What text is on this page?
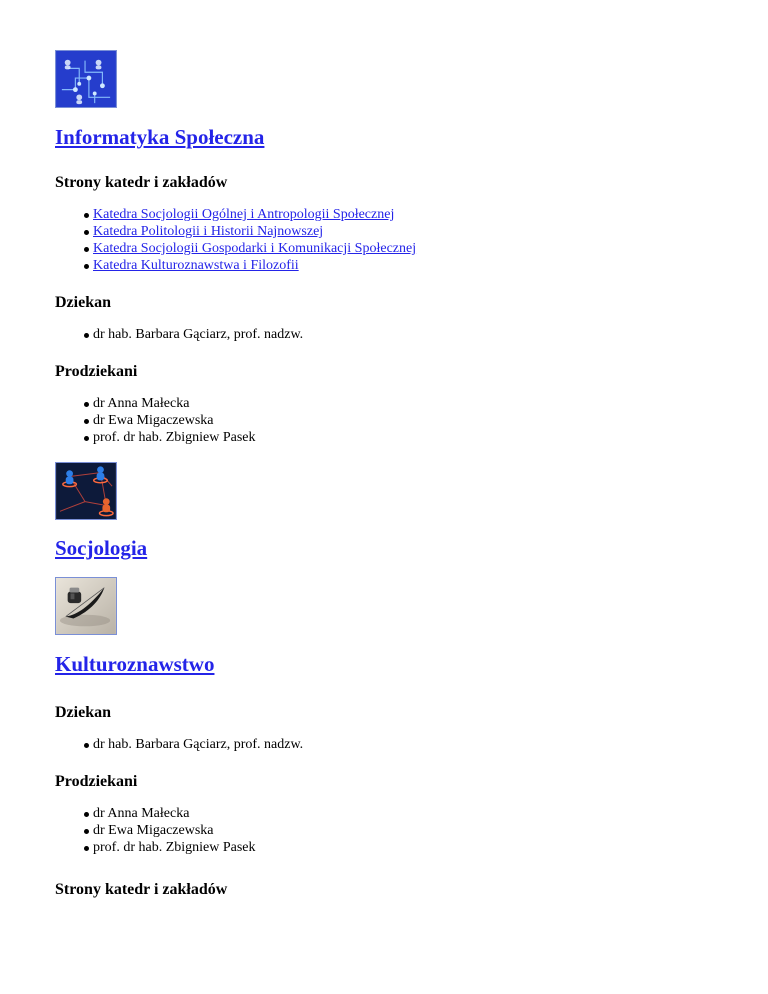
Informatyka Społeczna
Strony katedr i zakładów
Katedra Socjologii Ogólnej i Antropologii Społecznej
Katedra Politologii i Historii Najnowszej
Katedra Socjologii Gospodarki i Komunikacji Społecznej
Katedra Kulturoznawstwa i Filozofii
Dziekan
dr hab. Barbara Gąciarz, prof. nadzw.
Prodziekani
dr Anna Małecka
dr Ewa Migaczewska
prof. dr hab. Zbigniew Pasek
Socjologia
Kulturoznawstwo
Dziekan
dr hab. Barbara Gąciarz, prof. nadzw.
Prodziekani
dr Anna Małecka
dr Ewa Migaczewska
prof. dr hab. Zbigniew Pasek
Strony katedr i zakładów
